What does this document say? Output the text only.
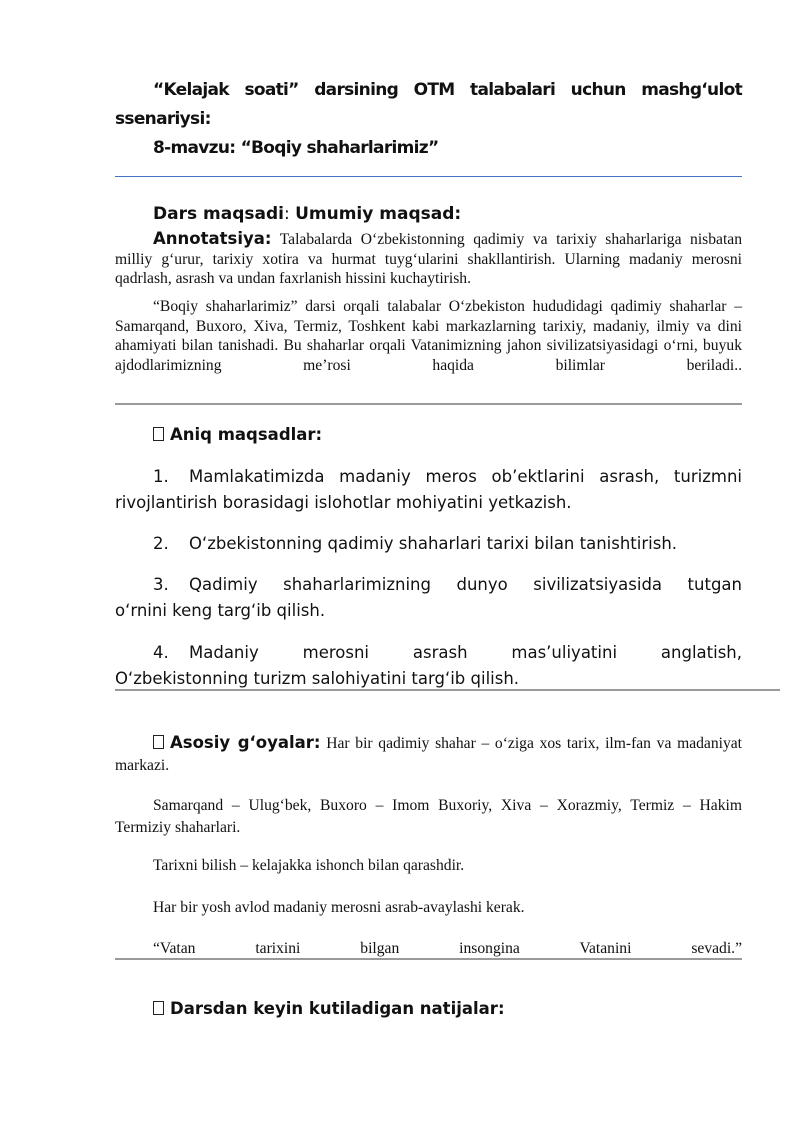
“Kelajak soati” darsining OTM talabalari uchun mashg‘ulot ssenariysi:
8-mavzu: “Boqiy shaharlarimiz”
Dars maqsadi: Umumiy maqsad:
Annotatsiya: Talabalarda O‘zbekistonning qadimiy va tarixiy shaharlariga nisbatan milliy g‘urur, tarixiy xotira va hurmat tuyg‘ularini shakllantirish. Ularning madaniy merosni qadrlash, asrash va undan faxrlanish hissini kuchaytirish.
“Boqiy shaharlarimiz” darsi orqali talabalar O‘zbekiston hududidagi qadimiy shaharlar – Samarqand, Buxoro, Xiva, Termiz, Toshkent kabi markazlarning tarixiy, madaniy, ilmiy va dini ahamiyati bilan tanishadi. Bu shaharlar orqali Vatanimizning jahon sivilizatsiyasidagi o‘rni, buyuk ajdodlarimizning me’rosi haqida bilimlar beriladi..
Aniq maqsadlar:
1. Mamlakatimizda madaniy meros ob’ektlarini asrash, turizmni
rivojlantirish borasidagi islohotlar mohiyatini yetkazish.
2. O‘zbekistonning qadimiy shaharlari tarixi bilan tanishtirish.
3. Qadimiy shaharlarimizning dunyo sivilizatsiyasida tutgan
o‘rnini keng targ‘ib qilish.
4. Madaniy merosni asrash mas’uliyatini anglatish,
O‘zbekistonning turizm salohiyatini targ‘ib qilish.
Asosiy g‘oyalar: Har bir qadimiy shahar – o‘ziga xos tarix, ilm-fan va madaniyat markazi.
Samarqand – Ulug‘bek, Buxoro – Imom Buxoriy, Xiva – Xorazmiy, Termiz – Hakim Termiziy shaharlari.
Tarixni bilish – kelajakka ishonch bilan qarashdir.
Har bir yosh avlod madaniy merosni asrab-avaylashi kerak.
“Vatan tarixini bilgan insongina Vatanini sevadi.”
Darsdan keyin kutiladigan natijalar:
